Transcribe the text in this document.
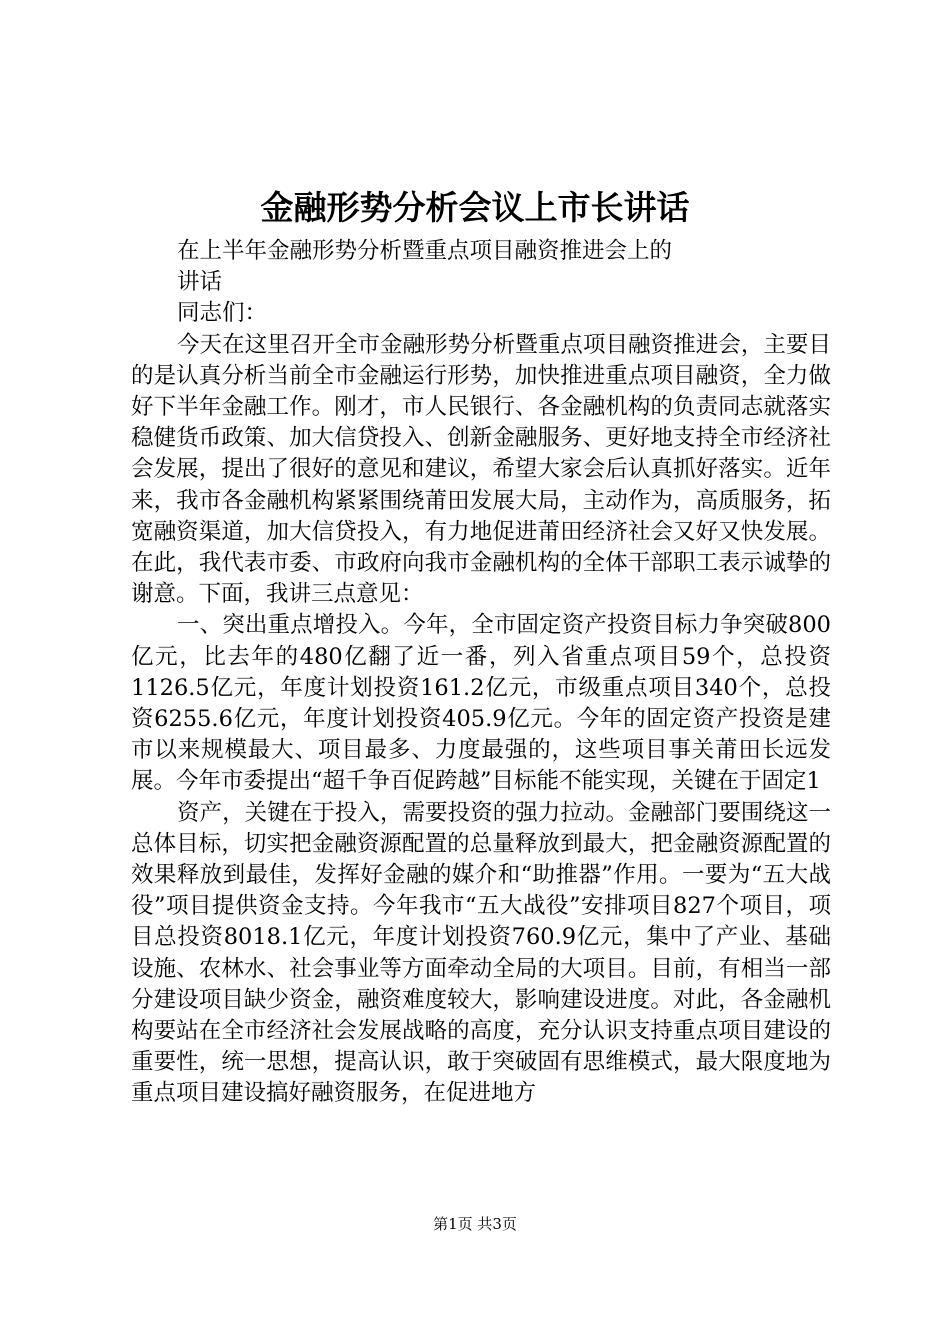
金融形势分析会议上市长讲话

在上半年金融形势分析暨重点项目融资推进会上的讲话

同志们：

今天在这里召开全市金融形势分析暨重点项目融资推进会，主要目的是认真分析当前全市金融运行形势，加快推进重点项目融资，全力做好下半年金融工作。刚才，市人民银行、各金融机构的负责同志就落实稳健货币政策、加大信贷投入、创新金融服务、更好地支持全市经济社会发展，提出了很好的意见和建议，希望大家会后认真抓好落实。近年来，我市各金融机构紧紧围绕莆田发展大局，主动作为，高质服务，拓宽融资渠道，加大信贷投入，有力地促进莆田经济社会又好又快发展。在此，我代表市委、市政府向我市金融机构的全体干部职工表示诚挚的谢意。下面，我讲三点意见：

一、突出重点增投入。今年，全市固定资产投资目标力争突破800亿元，比去年的480亿翻了近一番，列入省重点项目59个，总投资1126.5亿元，年度计划投资161.2亿元，市级重点项目340个，总投资6255.6亿元，年度计划投资405.9亿元。今年的固定资产投资是建市以来规模最大、项目最多、力度最强的，这些项目事关莆田长远发展。今年市委提出“超千争百促跨越”目标能不能实现，关键在于固定1

资产，关键在于投入，需要投资的强力拉动。金融部门要围绕这一总体目标，切实把金融资源配置的总量释放到最大，把金融资源配置的效果释放到最佳，发挥好金融的媒介和“助推器”作用。一要为“五大战役”项目提供资金支持。今年我市“五大战役”安排项目827个项目，项目总投资8018.1亿元，年度计划投资760.9亿元，集中了产业、基础设施、农林水、社会事业等方面牵动全局的大项目。目前，有相当一部分建设项目缺少资金，融资难度较大，影响建设进度。对此，各金融机构要站在全市经济社会发展战略的高度，充分认识支持重点项目建设的重要性，统一思想，提高认识，敢于突破固有思维模式，最大限度地为重点项目建设搞好融资服务，在促进地方

第1页 共3页
